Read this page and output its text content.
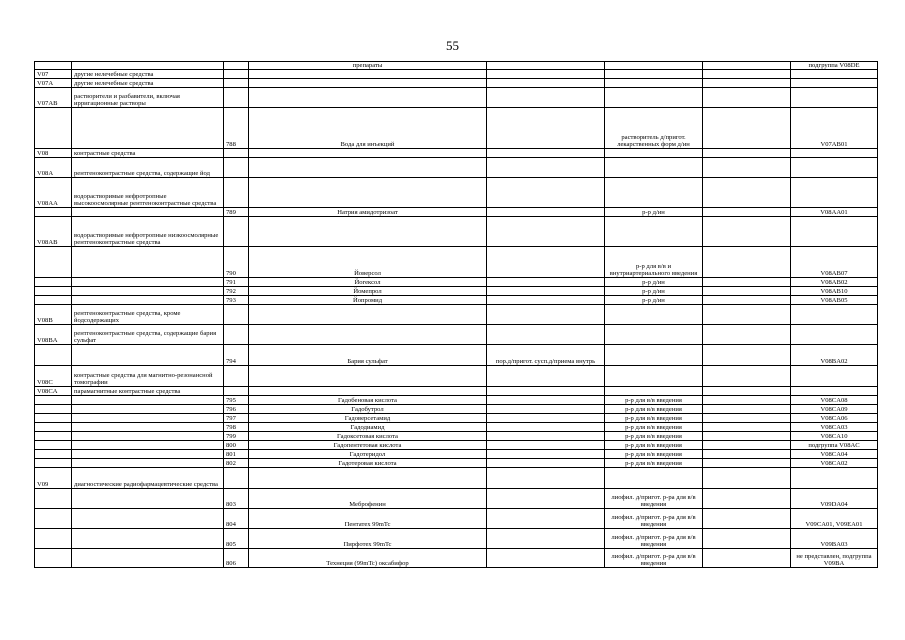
55
			препараты				подгруппа V08DE
V07	другие нелечебные средства						
V07A	другие нелечебные средства						
V07AB	растворители и разбавители, включая ирригационные растворы						
		788	Вода для инъекций		растворитель д/пригот. лекарственных форм д/ин		V07AB01
V08	контрастные средства						
V08A	рентгеноконтрастные средства, содержащие йод						
V08AA	водорастворимые нефротропные высокоосмолярные рентгеноконтрастные средства						
		789	Натрия амидотризоат		р-р д/ин		V08AA01
V08AB	водорастворимые нефротропные низкоосмолярные рентгеноконтрастные средства						
		790	Йоверсол		р-р для в/в и внутриартериального введения		V08AB07
		791	Йогексол		р-р д/ин		V08AB02
		792	Йомепрол		р-р д/ин		V08AB10
		793	Йопромид		р-р д/ин		V08AB05
V08B	рентгеноконтрастные средства, кроме йодсодержащих						
V08BA	рентгеноконтрастные средства, содержащие бария сульфат						
		794	Бария сульфат	пор.д/пригот. сусп.д/приема внутрь			V08BA02
V08C	контрастные средства для магнитно-резонансной томографии						
V08CA	парамагнитные контрастные средства						
		795	Гадобеновая кислота		р-р для в/в введения		V08CA08
		796	Гадобутрол		р-р для в/в введения		V08CA09
		797	Гадоверсетамид		р-р для в/в введения		V08CA06
		798	Гадодиамид		р-р для в/в введения		V08CA03
		799	Гадоксетовая кислота		р-р для в/в введения		V08CA10
		800	Гадопентетовая кислота		р-р для в/в введения		подгруппа V08AC
		801	Гадотеридол		р-р для в/в введения		V08CA04
		802	Гадотеровая кислота		р-р для в/в введения		V08CA02
V09	диагностические радиофармацевтические средства						
		803	Меброфенин		лиофил. д/пригот. р-ра для в/в введения		V09DA04
		804	Пентатех 99mTc		лиофил. д/пригот. р-ра для в/в введения		V09CA01, V09EA01
		805	Пирфотех 99mTc		лиофил. д/пригот. р-ра для в/в введения		V09BA03
		806	Технеция (99mTc) оксабифор		лиофил. д/пригот. р-ра для в/в введения		не представлен, подгруппа V09BA
